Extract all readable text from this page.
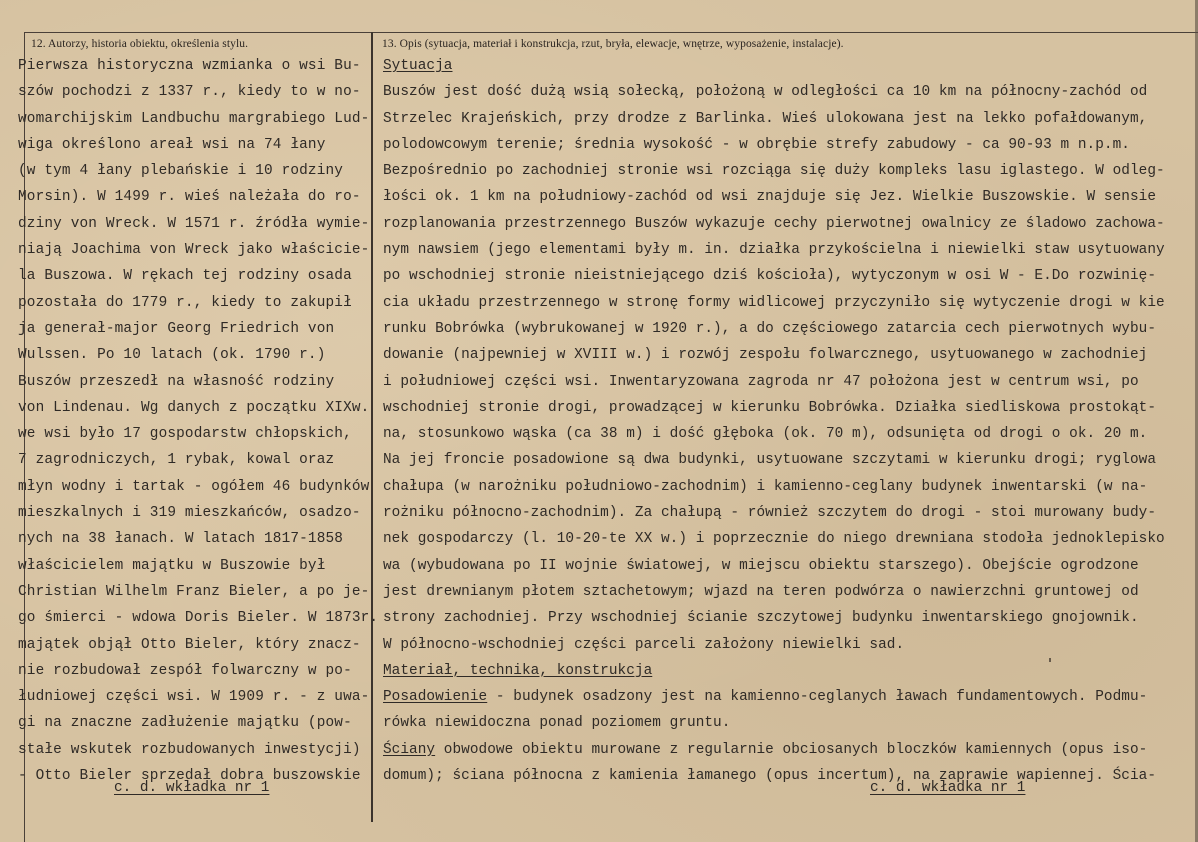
12. Autorzy, historia obiektu, określenia stylu.	13. Opis (sytuacja, materiał i konstrukcja, rzut, bryła, elewacje, wnętrze, wyposażenie, instalacje).
Pierwsza historyczna wzmianka o wsi Bu-
szów pochodzi z 1337 r., kiedy to w no-
womarchijskim Landbuchu margrabiego Lud-
wiga określono areał wsi na 74 łany
(w tym 4 łany plebańskie i 10 rodziny
Morsin). W 1499 r. wieś należała do ro-
dziny von Wreck. W 1571 r. źródła wymie-
niają Joachima von Wreck jako właściciе-
la Buszowa. W rękach tej rodziny osada
pozostała do 1779 r., kiedy to zakupił
ja generał-major Georg Friedrich von
Wulssen. Po 10 latach (ok. 1790 r.)
Buszów przeszedł na własność rodziny
von Lindenau. Wg danych z początku XIXw.
we wsi było 17 gospodarstw chłopskich,
7 zagrodniczych, 1 rybak, kowal oraz
młyn wodny i tartak - ogółem 46 budynków
mieszkalnych i 319 mieszkańców, osadzo-
nych na 38 łanach. W latach 1817-1858
właścicielem majątku w Buszowie był
Christian Wilhelm Franz Bieler, a po je-
go śmierci - wdowa Doris Bieler. W 1873r.
majątek objął Otto Bieler, który znacz-
nie rozbudował zespół folwarczny w po-
łudniowej części wsi. W 1909 r. - z uwa-
gi na znaczne zadłużenie majątku (pow-
stałe wskutek rozbudowanych inwestycji)
- Otto Bieler sprzedał dobra buszowskie
Sytuacja
Buszów jest dość dużą wsią sołecką, położoną w odległości ca 10 km na północny-zachód od
Strzelec Krajeńskich, przy drodze z Barlinka. Wieś ulokowana jest na lekko pofałdowanym,
polodowcowym terenie; średnia wysokość - w obrębie strefy zabudowy - ca 90-93 m n.p.m.
Bezpośrednio po zachodniej stronie wsi rozciąga się duży kompleks lasu iglastego. W odleg-
łości ok. 1 km na południowy-zachód od wsi znajduje się Jez. Wielkie Buszowskie. W sensie
rozplanowania przestrzennego Buszów wykazuje cechy pierwotnej owalnicy ze śladowo zachowa-
nym nawsiem (jego elementami były m. in. działka przykościelna i niewielki staw usytuowany
po wschodniej stronie nieistniejącego dziś kościoła), wytyczonym w osi W - E.Do rozwinię-
cia układu przestrzennego w stronę formy widlicowej przyczyniło się wytyczenie drogi w kie
runku Bobrówka (wybrukowanej w 1920 r.), a do częściowego zatarcia cech pierwotnych wybu-
dowanie (najpewniej w XVIII w.) i rozwój zespołu folwarcznego, usytuowanego w zachodniej
i południowej części wsi. Inwentaryzowana zagroda nr 47 położona jest w centrum wsi, po
wschodniej stronie drogi, prowadzącej w kierunku Bobrówka. Działka siedliskowa prostokąt-
na, stosunkowo wąska (ca 38 m) i dość głęboka (ok. 70 m), odsunięta od drogi o ok. 20 m.
Na jej froncie posadowione są dwa budynki, usytuowane szczytami w kierunku drogi; ryglowa
chałupa (w narożniku południowo-zachodnim) i kamienno-ceglany budynek inwentarski (w na-
rożniku północno-zachodnim). Za chałupą - również szczytem do drogi - stoi murowany budy-
nek gospodarczy (l. 10-20-te XX w.) i poprzecznie do niego drewniana stodoła jednoklepisko
wa (wybudowana po II wojnie światowej, w miejscu obiektu starszego). Obejście ogrodzone
jest drewnianym płotem sztachetowym; wjazd na teren podwórza o nawierzchni gruntowej od
strony zachodniej. Przy wschodniej ścianie szczytowej budynku inwentarskiego gnojownik.
W północno-wschodniej części parceli założony niewielki sad.
Materiał, technika, konstrukcja
Posadowienie - budynek osadzony jest na kamienno-ceglanych ławach fundamentowych. Podmu-
rówka niewidoczna ponad poziomem gruntu.
Ściany obwodowe obiektu murowane z regularnie obciosanych bloczków kamiennych (opus iso-
domum); ściana północna z kamienia łamanego (opus incertum), na zaprawie wapiennej. Ścia-
c. d. wkładka nr 1	c. d. wkładka nr 1
